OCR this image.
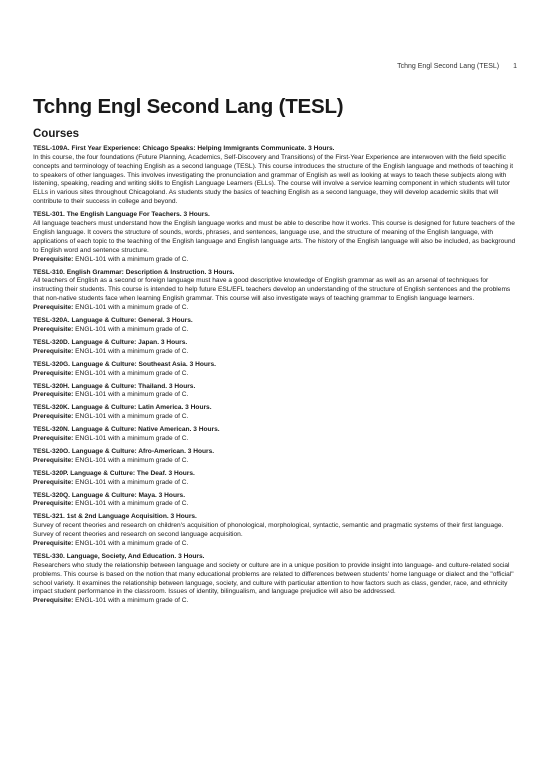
Tchng Engl Second Lang (TESL) 1
Tchng Engl Second Lang (TESL)
Courses

TESL-109A. First Year Experience: Chicago Speaks: Helping Immigrants Communicate. 3 Hours.

In this course, the four foundations (Future Planning, Academics, Self-Discovery and Transitions) of the First-Year Experience are interwoven with the field specific concepts and terminology of teaching English as a second language (TESL). This course introduces the structure of the English language and methods of teaching it to speakers of other languages. This involves investigating the pronunciation and grammar of English as well as looking at ways to teach these subjects along with listening, speaking, reading and writing skills to English Language Learners (ELLs). The course will involve a service learning component in which students will tutor ELLs in various sites throughout Chicagoland. As students study the basics of teaching English as a second language, they will develop academic skills that will contribute to their success in college and beyond.

TESL-301. The English Language For Teachers. 3 Hours.

All language teachers must understand how the English language works and must be able to describe how it works. This course is designed for future teachers of the English language. It covers the structure of sounds, words, phrases, and sentences, language use, and the structure of meaning of the English language, with applications of each topic to the teaching of the English language and English language arts. The history of the English language will also be included, as background to English word and sentence structure.

Prerequisite: ENGL-101 with a minimum grade of C.

TESL-310. English Grammar: Description & Instruction. 3 Hours.

All teachers of English as a second or foreign language must have a good descriptive knowledge of English grammar as well as an arsenal of techniques for instructing their students. This course is intended to help future ESL/EFL teachers develop an understanding of the structure of English sentences and the problems that non-native students face when learning English grammar. This course will also investigate ways of teaching grammar to English language learners.

Prerequisite: ENGL-101 with a minimum grade of C.

TESL-320A. Language & Culture: General. 3 Hours.

Prerequisite: ENGL-101 with a minimum grade of C.

TESL-320D. Language & Culture: Japan. 3 Hours.

Prerequisite: ENGL-101 with a minimum grade of C.

TESL-320G. Language & Culture: Southeast Asia. 3 Hours.

Prerequisite: ENGL-101 with a minimum grade of C.

TESL-320H. Language & Culture: Thailand. 3 Hours.

Prerequisite: ENGL-101 with a minimum grade of C.

TESL-320K. Language & Culture: Latin America. 3 Hours.

Prerequisite: ENGL-101 with a minimum grade of C.

TESL-320N. Language & Culture: Native American. 3 Hours.

Prerequisite: ENGL-101 with a minimum grade of C.

TESL-320O. Language & Culture: Afro-American. 3 Hours.

Prerequisite: ENGL-101 with a minimum grade of C.

TESL-320P. Language & Culture: The Deaf. 3 Hours.

Prerequisite: ENGL-101 with a minimum grade of C.

TESL-320Q. Language & Culture: Maya. 3 Hours.

Prerequisite: ENGL-101 with a minimum grade of C.

TESL-321. 1st & 2nd Language Acquisition. 3 Hours.

Survey of recent theories and research on children's acquisition of phonological, morphological, syntactic, semantic and pragmatic systems of their first language. Survey of recent theories and research on second language acquisition.

Prerequisite: ENGL-101 with a minimum grade of C.

TESL-330. Language, Society, And Education. 3 Hours.

Researchers who study the relationship between language and society or culture are in a unique position to provide insight into language- and culture-related social problems. This course is based on the notion that many educational problems are related to differences between students' home language or dialect and the "official" school variety. It examines the relationship between language, society, and culture with particular attention to how factors such as class, gender, race, and ethnicity impact student performance in the classroom. Issues of identity, bilingualism, and language prejudice will also be addressed.

Prerequisite: ENGL-101 with a minimum grade of C.
